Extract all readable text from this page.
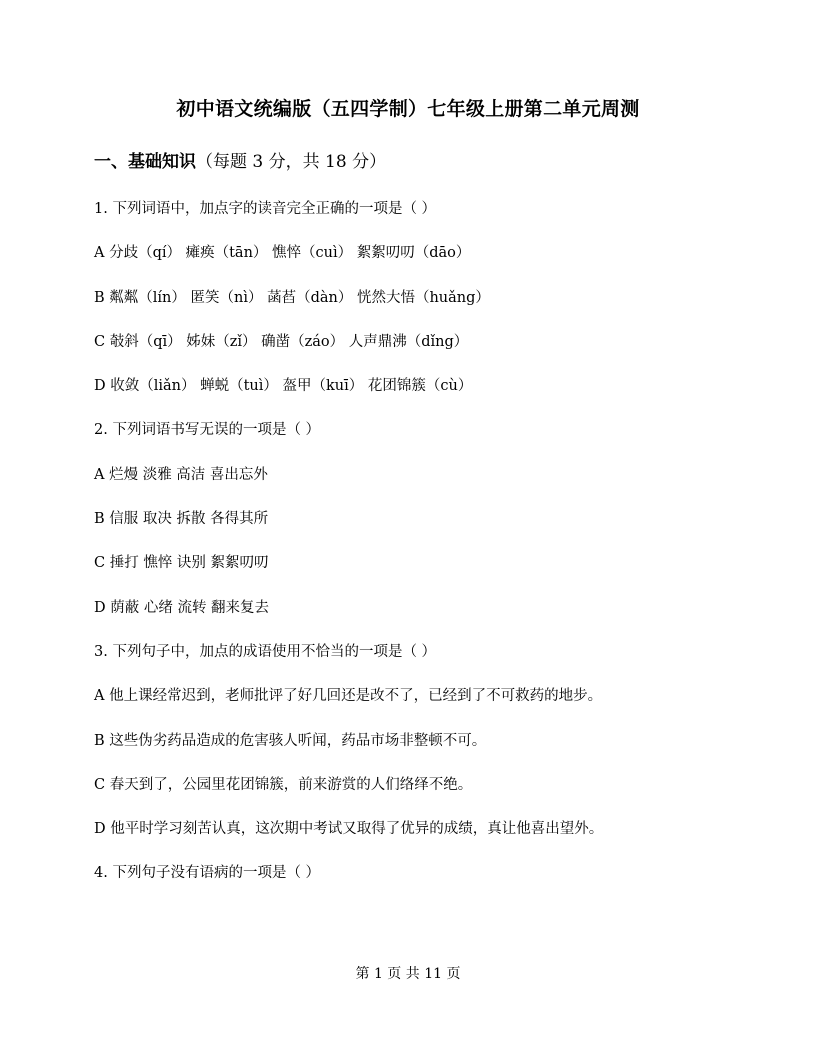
初中语文统编版（五四学制）七年级上册第二单元周测
一、基础知识（每题 3 分，共 18 分）
1. 下列词语中，加点字的读音完全正确的一项是（ ）
A 分歧（qí） 瘫痪（tān） 憔悴（cuì） 絮絮叨叨（dāo）
B 粼粼（lín） 匿笑（nì） 菡萏（dàn） 恍然大悟（huǎng）
C 攲斜（qī） 姊妹（zǐ） 确凿（záo） 人声鼎沸（dǐng）
D 收敛（liǎn） 蝉蜕（tuì） 盔甲（kuī） 花团锦簇（cù）
2. 下列词语书写无误的一项是（ ）
A 烂熳 淡雅 高洁 喜出忘外
B 信服 取决 拆散 各得其所
C 捶打 憔悴 诀别 絮絮叨叨
D 荫蔽 心绪 流转 翻来复去
3. 下列句子中，加点的成语使用不恰当的一项是（ ）
A 他上课经常迟到，老师批评了好几回还是改不了，已经到了不可救药的地步。
B 这些伪劣药品造成的危害骇人听闻，药品市场非整顿不可。
C 春天到了，公园里花团锦簇，前来游赏的人们络绎不绝。
D 他平时学习刻苦认真，这次期中考试又取得了优异的成绩，真让他喜出望外。
4. 下列句子没有语病的一项是（ ）
第 1 页 共 11 页
